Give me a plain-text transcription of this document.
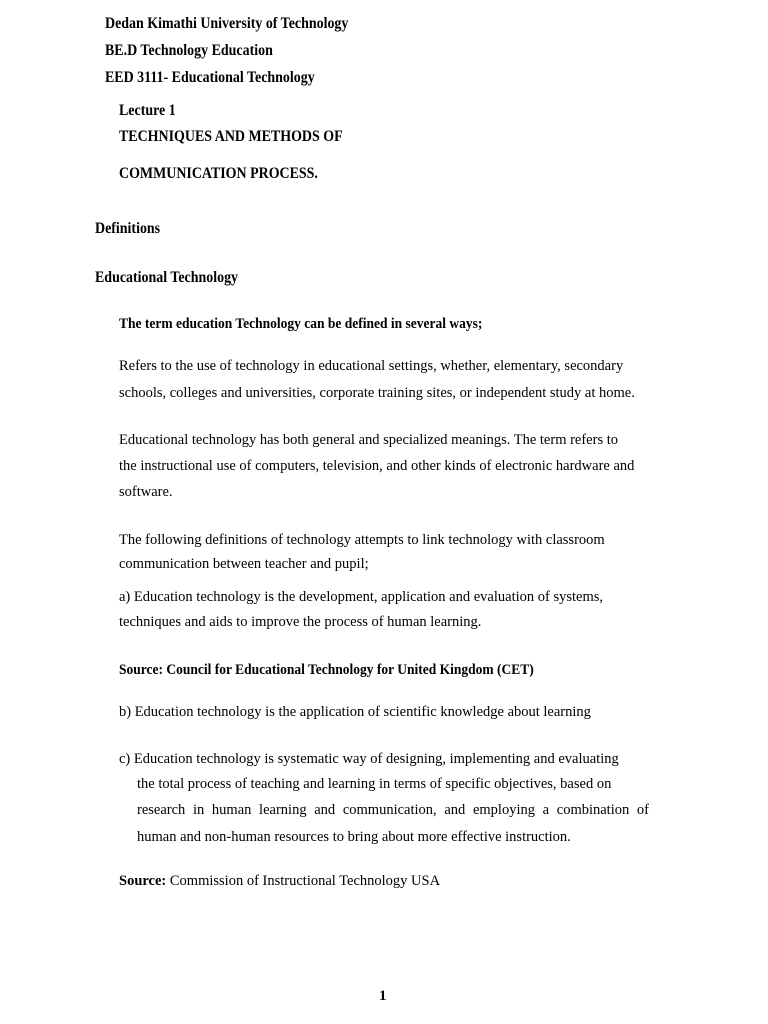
Dedan Kimathi University of Technology
BE.D Technology Education
EED 3111- Educational Technology
Lecture 1
TECHNIQUES AND METHODS OF
COMMUNICATION PROCESS.
Definitions
Educational Technology
The term education Technology can be defined in several ways;
Refers to the use of technology in educational settings, whether, elementary, secondary
schools, colleges and universities, corporate training sites, or independent study at home.
Educational technology has both general and specialized meanings. The term refers to
the instructional use of computers, television, and other kinds of electronic hardware and
software.
The following definitions of technology attempts to link technology with classroom
communication between teacher and pupil;
a) Education technology is the development, application and evaluation of systems,
techniques and aids to improve the process of human learning.
Source: Council for Educational Technology for United Kingdom (CET)
b) Education technology is the application of scientific knowledge about learning
c) Education technology is systematic way of designing, implementing and evaluating
the total process of teaching and learning in terms of specific objectives, based on
research in human learning and communication, and employing a combination of
human and non-human resources to bring about more effective instruction.
Source: Commission of Instructional Technology USA
1
